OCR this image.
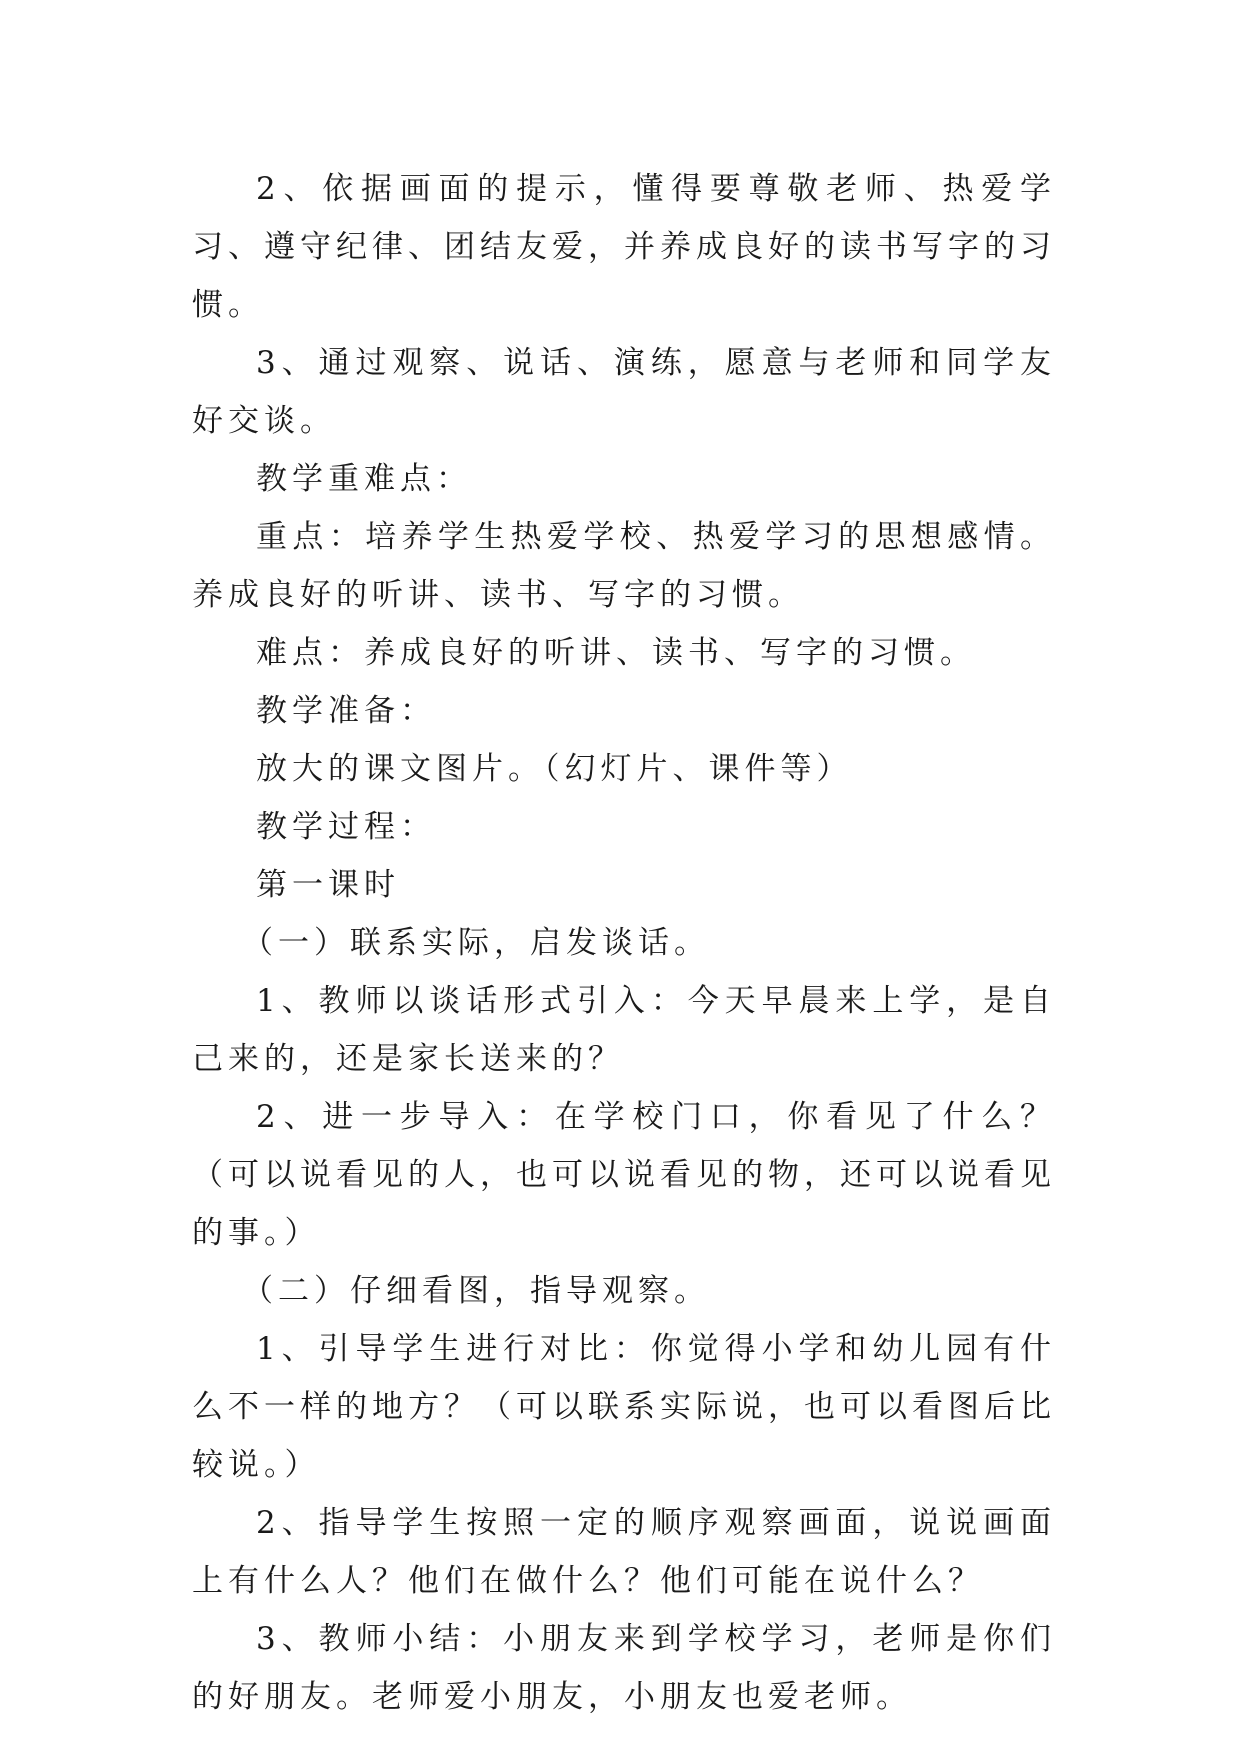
2、依据画面的提示，懂得要尊敬老师、热爱学习、遵守纪律、团结友爱，并养成良好的读书写字的习惯。

3、通过观察、说话、演练，愿意与老师和同学友好交谈。

教学重难点：

重点：培养学生热爱学校、热爱学习的思想感情。养成良好的听讲、读书、写字的习惯。

难点：养成良好的听讲、读书、写字的习惯。

教学准备：

放大的课文图片。（幻灯片、课件等）

教学过程：

第一课时

（一）联系实际，启发谈话。

1、教师以谈话形式引入：今天早晨来上学，是自己来的，还是家长送来的？

2、进一步导入：在学校门口，你看见了什么？（可以说看见的人，也可以说看见的物，还可以说看见的事。）

（二）仔细看图，指导观察。

1、引导学生进行对比：你觉得小学和幼儿园有什么不一样的地方？（可以联系实际说，也可以看图后比较说。）

2、指导学生按照一定的顺序观察画面，说说画面上有什么人？他们在做什么？他们可能在说什么？

3、教师小结：小朋友来到学校学习，老师是你们的好朋友。老师爱小朋友，小朋友也爱老师。
